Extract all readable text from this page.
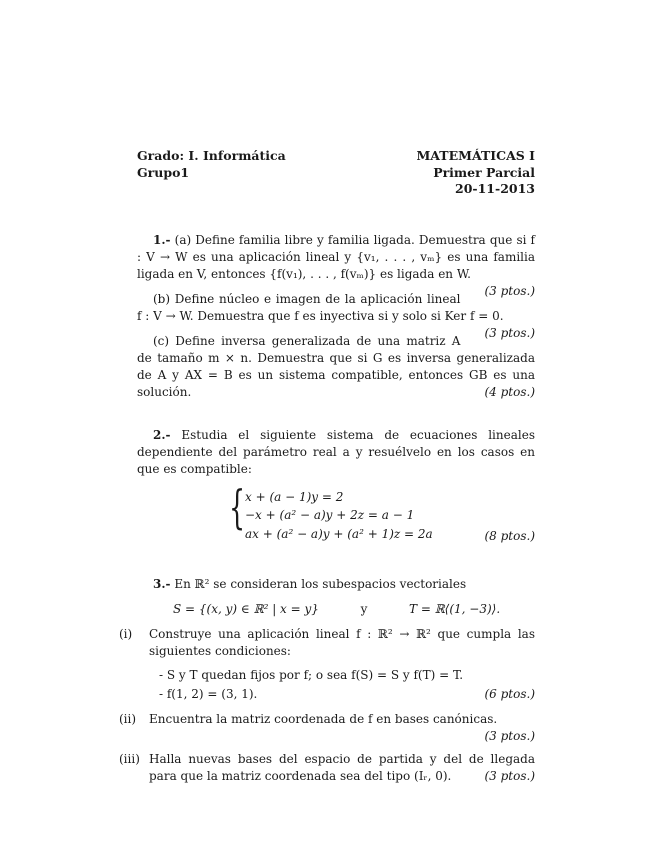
Grado: I. Informática
Grupo1
MATEMÁTICAS I
Primer Parcial
20-11-2013
1.- (a) Define familia libre y familia ligada. Demuestra que si f : V → W es una aplicación lineal y {v₁, . . . , vₘ} es una familia ligada en V, entonces {f(v₁), . . . , f(vₘ)} es ligada en W.
(3 ptos.)
(b) Define núcleo e imagen de la aplicación lineal f : V → W. Demuestra que f es inyectiva si y solo si Ker f = 0.
(3 ptos.)
(c) Define inversa generalizada de una matriz A de tamaño m × n. Demuestra que si G es inversa generalizada de A y AX = B es un sistema compatible, entonces GB es una solución.	(4 ptos.)
2.- Estudia el siguiente sistema de ecuaciones lineales dependiente del parámetro real a y resuélvelo en los casos en que es compatible:
{ x + (a − 1)y = 2
−x + (a² − a)y + 2z = a − 1
ax + (a² − a)y + (a² + 1)z = 2a	(8 ptos.)
3.- En ℝ² se consideran los subespacios vectoriales
S = {(x, y) ∈ ℝ² | x = y}	y	T = ℝ⟨(1, −3)⟩.
(i)	Construye una aplicación lineal f : ℝ² → ℝ² que cumpla las siguientes condiciones:
- S y T quedan fijos por f; o sea f(S) = S y f(T) = T.
- f(1, 2) = (3, 1).	(6 ptos.)
(ii)	Encuentra la matriz coordenada de f en bases canónicas.
(3 ptos.)
(iii) Halla nuevas bases del espacio de partida y del de llegada para que la matriz coordenada sea del tipo (Iᵣ, 0).	(3 ptos.)
